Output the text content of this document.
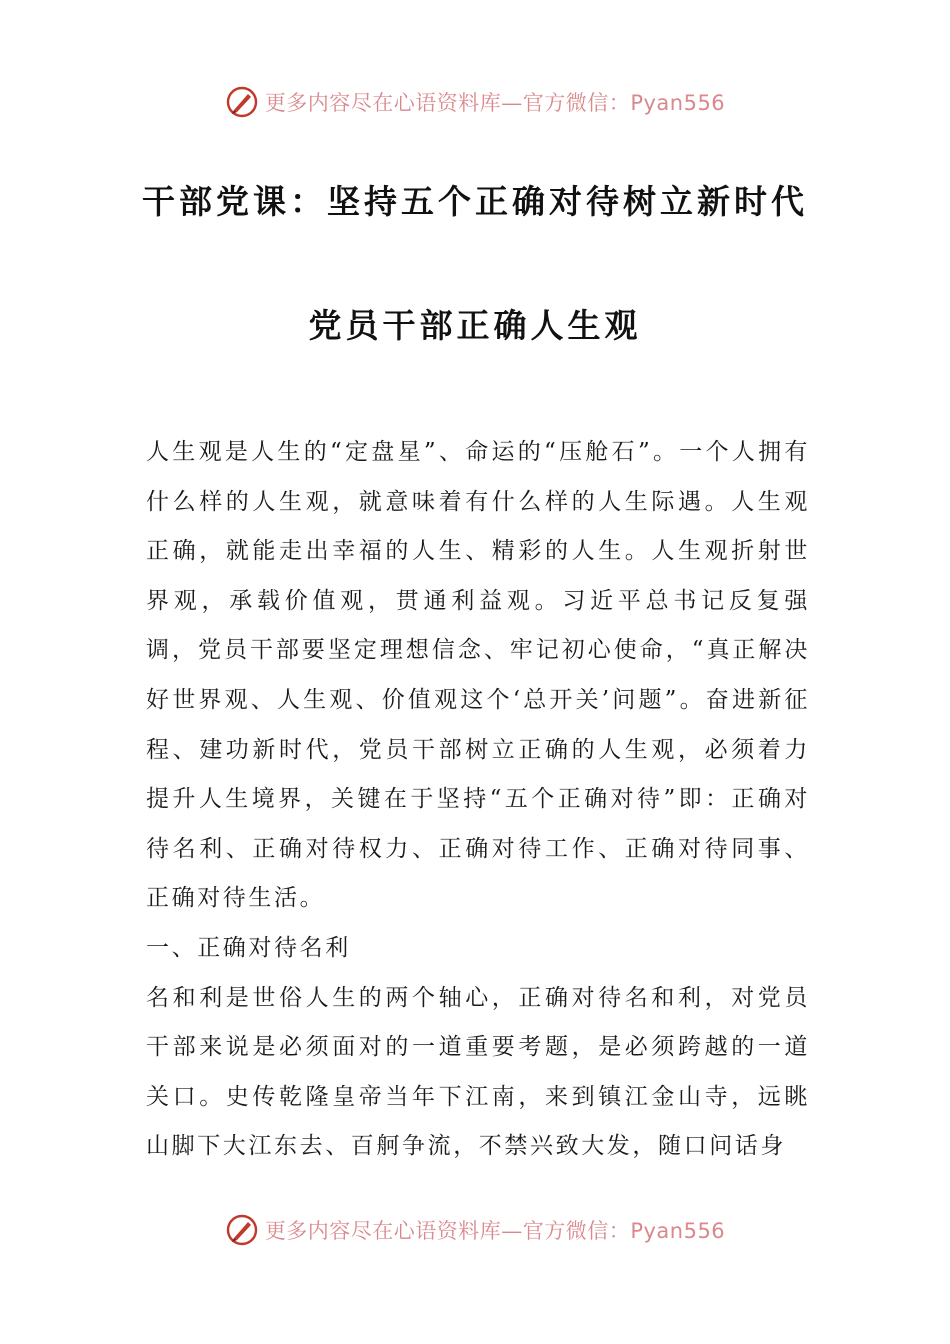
更多内容尽在心语资料库—官方微信：Pyan556
干部党课：坚持五个正确对待树立新时代
党员干部正确人生观

人生观是人生的“定盘星”、命运的“压舱石”。一个人拥有什么样的人生观，就意味着有什么样的人生际遇。人生观正确，就能走出幸福的人生、精彩的人生。人生观折射世界观，承载价值观，贯通利益观。习近平总书记反复强调，党员干部要坚定理想信念、牢记初心使命，“真正解决好世界观、人生观、价值观这个‘总开关’问题”。奋进新征程、建功新时代，党员干部树立正确的人生观，必须着力提升人生境界，关键在于坚持“五个正确对待”即：正确对待名利、正确对待权力、正确对待工作、正确对待同事、正确对待生活。

一、正确对待名利

名和利是世俗人生的两个轴心，正确对待名和利，对党员干部来说是必须面对的一道重要考题，是必须跨越的一道关口。史传乾隆皇帝当年下江南，来到镇江金山寺，远眺山脚下大江东去、百舸争流，不禁兴致大发，随口问话身

更多内容尽在心语资料库—官方微信：Pyan556
